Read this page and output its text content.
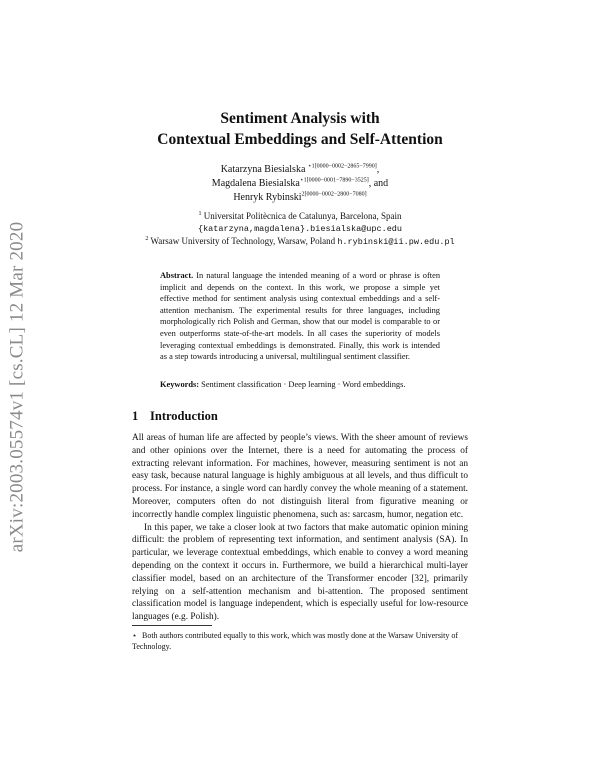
arXiv:2003.05574v1 [cs.CL] 12 Mar 2020
Sentiment Analysis with
Contextual Embeddings and Self-Attention
Katarzyna Biesialska $^{⋆1[0000-0002-2865-7990]}$,
Magdalena Biesialska$^{⋆1[0000-0001-7890-3525]}$, and
Henryk Rybinski$^{2[0000-0002-2800-7080]}$
$^1$ Universitat Politècnica de Catalunya, Barcelona, Spain
{katarzyna,magdalena}.biesialska@upc.edu
$^2$ Warsaw University of Technology, Warsaw, Poland h.rybinski@ii.pw.edu.pl
Abstract. In natural language the intended meaning of a word or phrase is often implicit and depends on the context. In this work, we propose a simple yet effective method for sentiment analysis using contextual embeddings and a self-attention mechanism. The experimental results for three languages, including morphologically rich Polish and German, show that our model is comparable to or even outperforms state-of-the-art models. In all cases the superiority of models leveraging contextual embeddings is demonstrated. Finally, this work is intended as a step towards introducing a universal, multilingual sentiment classifier.
Keywords: Sentiment classification · Deep learning · Word embeddings.
1 Introduction

All areas of human life are affected by people’s views. With the sheer amount of reviews and other opinions over the Internet, there is a need for automating the process of extracting relevant information. For machines, however, measuring sentiment is not an easy task, because natural language is highly ambiguous at all levels, and thus difficult to process. For instance, a single word can hardly convey the whole meaning of a statement. Moreover, computers often do not distinguish literal from figurative meaning or incorrectly handle complex linguistic phenomena, such as: sarcasm, humor, negation etc.

In this paper, we take a closer look at two factors that make automatic opinion mining difficult: the problem of representing text information, and sentiment analysis (SA). In particular, we leverage contextual embeddings, which enable to convey a word meaning depending on the context it occurs in. Furthermore, we build a hierarchical multi-layer classifier model, based on an architecture of the Transformer encoder [32], primarily relying on a self-attention mechanism and bi-attention. The proposed sentiment classification model is language independent, which is especially useful for low-resource languages (e.g. Polish).

⋆ Both authors contributed equally to this work, which was mostly done at the Warsaw University of Technology.
